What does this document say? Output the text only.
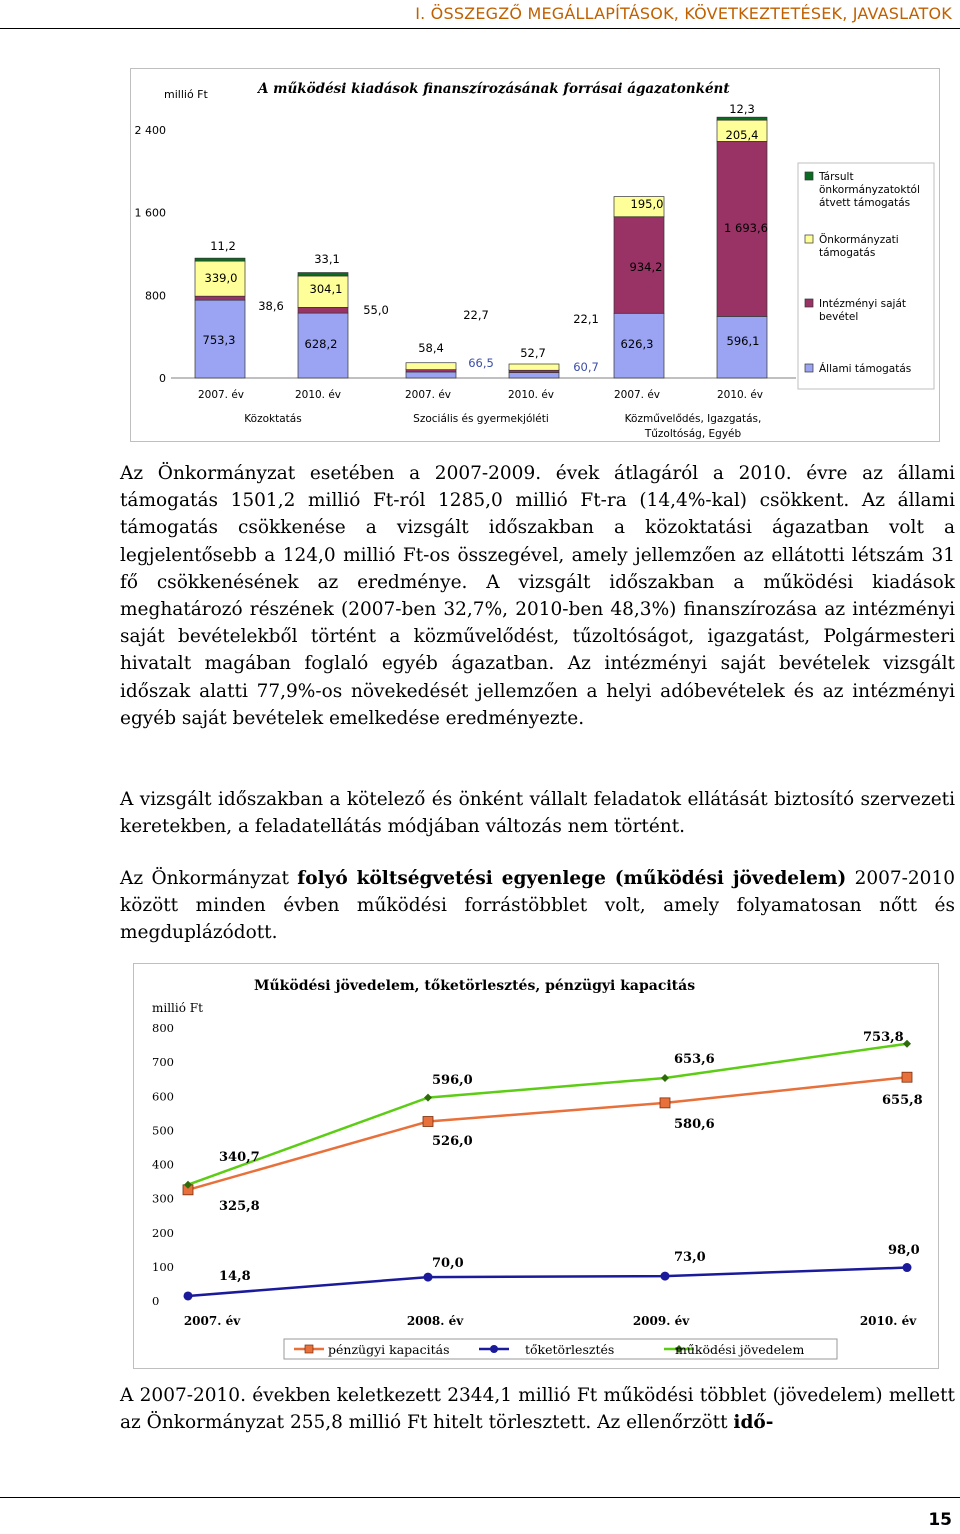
I. ÖSSZEGZŐ MEGÁLLAPÍTÁSOK, KÖVETKEZTETÉSEK, JAVASLATOK
millió Ft	A működési kiadások finanszírozásának forrásai ágazatonként
2 400
1 600
800
0
753,3	628,2	58,4	52,7
626,3	596,1
38,6	55,0	22,7	22,1
934,2
1 693,6
339,0
304,1
66,5	60,7
195,0
205,4
11,2
33,1
12,3
2007. év	2010. év	2007. év	2010. év	2007. év	2010. év
Közoktatás	Szociális és gyermekjóléti	Közművelődés, Igazgatás,
Tűzoltóság, Egyéb
Társult önkormányzatoktól átvett támogatás
Önkormányzati támogatás
Intézményi saját bevétel
Állami támogatás

Az Önkormányzat esetében a 2007-2009. évek átlagáról a 2010. évre az állami támogatás 1501,2 millió Ft-ról 1285,0 millió Ft-ra (14,4%-kal) csökkent. Az állami támogatás csökkenése a vizsgált időszakban a közoktatási ágazatban volt a legjelentősebb a 124,0 millió Ft-os összegével, amely jellemzően az ellátotti létszám 31 fő csökkenésének az eredménye. A vizsgált időszakban a működési kiadások meghatározó részének (2007-ben 32,7%, 2010-ben 48,3%) finanszírozása az intézményi saját bevételekből történt a közművelődést, tűzoltóságot, igazgatást, Polgármesteri hivatalt magában foglaló egyéb ágazatban. Az intézményi saját bevételek vizsgált időszak alatti 77,9%-os növekedését jellemzően a helyi adóbevételek és az intézményi egyéb saját bevételek emelkedése eredményezte.

A vizsgált időszakban a kötelező és önként vállalt feladatok ellátását biztosító szervezeti keretekben, a feladatellátás módjában változás nem történt.

Az Önkormányzat folyó költségvetési egyenlege (működési jövedelem) 2007-2010 között minden évben működési forrástöbblet volt, amely folyamatosan nőtt és megduplázódott.

Működési jövedelem, tőketörlesztés, pénzügyi kapacitás
millió Ft
800
700
600
500
400
300
200
100
0
325,8
526,0
580,6
655,8
14,8
70,0	73,0	98,0
340,7
596,0
653,6
753,8
2007. év	2008. év	2009. év	2010. év
pénzügyi kapacitás	tőketörlesztés	működési jövedelem

A 2007-2010. években keletkezett 2344,1 millió Ft működési többlet (jövedelem) mellett az Önkormányzat 255,8 millió Ft hitelt törlesztett. Az ellenőrzött idő-

15
